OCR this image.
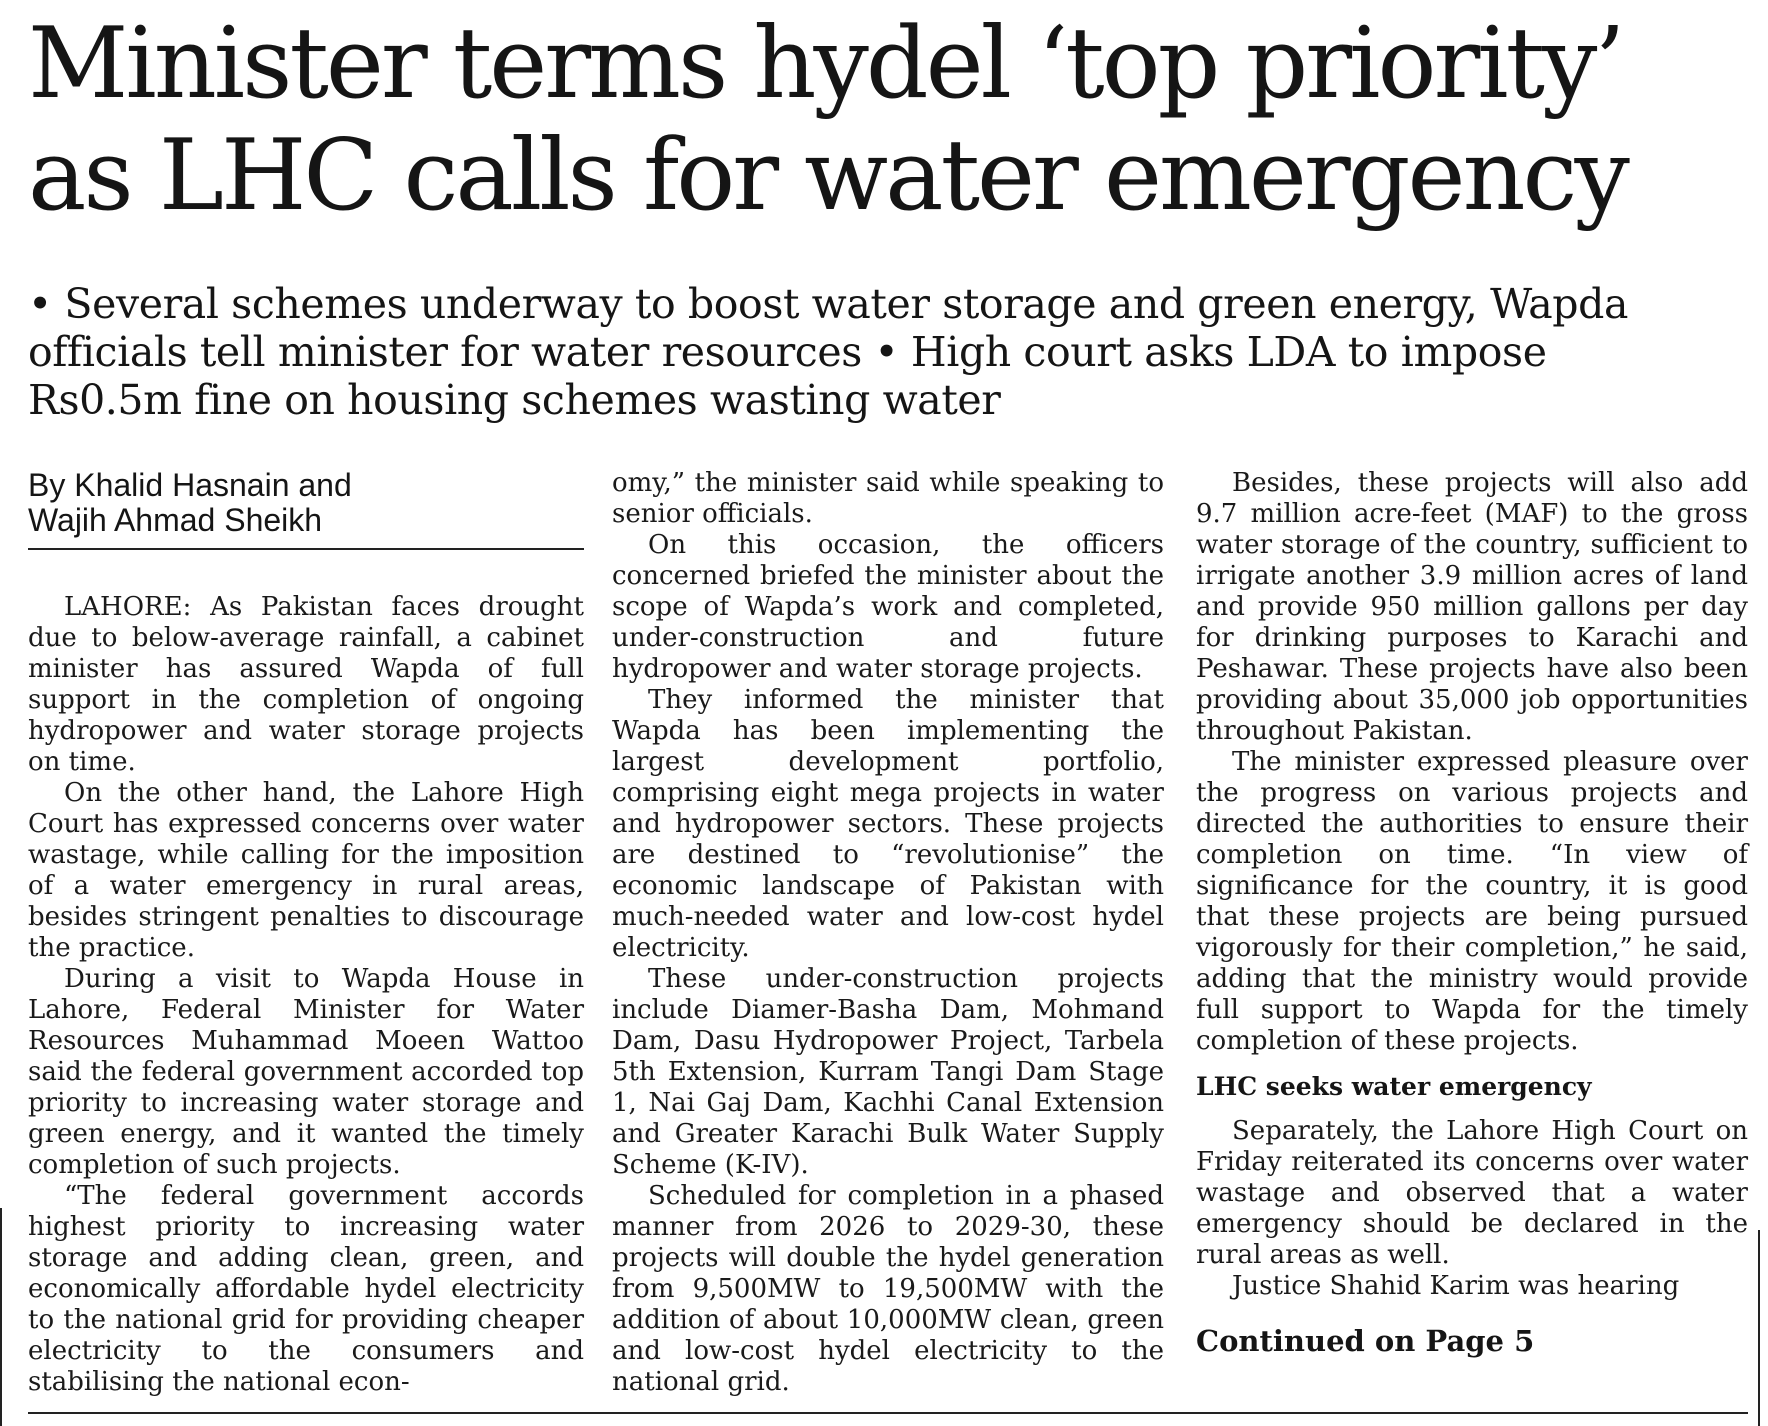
Minister terms hydel ‘top priority’
as LHC calls for water emergency
• Several schemes underway to boost water storage and green energy, Wapda
officials tell minister for water resources • High court asks LDA to impose
Rs0.5m fine on housing schemes wasting water
By Khalid Hasnain and
Wajih Ahmad Sheikh

LAHORE: As Pakistan faces drought due to below-average rainfall, a cabinet minister has assured Wapda of full support in the completion of ongoing hydropower and water storage projects on time.

On the other hand, the Lahore High Court has expressed concerns over water wastage, while calling for the imposition of a water emergency in rural areas, besides stringent penalties to discourage the practice.

During a visit to Wapda House in Lahore, Federal Minister for Water Resources Muhammad Moeen Wattoo said the federal government accorded top priority to increasing water storage and green energy, and it wanted the timely completion of such projects.

“The federal government accords highest priority to increasing water storage and adding clean, green, and economically affordable hydel electricity to the national grid for providing cheaper electricity to the consumers and stabilising the national econ-

omy,” the minister said while speaking to senior officials.

On this occasion, the officers concerned briefed the minister about the scope of Wapda’s work and completed, under-construction and future hydropower and water storage projects.

They informed the minister that Wapda has been implementing the largest development portfolio, comprising eight mega projects in water and hydropower sectors. These projects are destined to “revolutionise” the economic landscape of Pakistan with much-needed water and low-cost hydel electricity.

These under-construction projects include Diamer-Basha Dam, Mohmand Dam, Dasu Hydropower Project, Tarbela 5th Extension, Kurram Tangi Dam Stage 1, Nai Gaj Dam, Kachhi Canal Extension and Greater Karachi Bulk Water Supply Scheme (K-IV).

Scheduled for completion in a phased manner from 2026 to 2029-30, these projects will double the hydel generation from 9,500MW to 19,500MW with the addition of about 10,000MW clean, green and low-cost hydel electricity to the national grid.

Besides, these projects will also add 9.7 million acre-feet (MAF) to the gross water storage of the country, sufficient to irrigate another 3.9 million acres of land and provide 950 million gallons per day for drinking purposes to Karachi and Peshawar. These projects have also been providing about 35,000 job opportunities throughout Pakistan.

The minister expressed pleasure over the progress on various projects and directed the authorities to ensure their completion on time. “In view of significance for the country, it is good that these projects are being pursued vigorously for their completion,” he said, adding that the ministry would provide full support to Wapda for the timely completion of these projects.

LHC seeks water emergency

Separately, the Lahore High Court on Friday reiterated its concerns over water wastage and observed that a water emergency should be declared in the rural areas as well.

Justice Shahid Karim was hearing

Continued on Page 5
